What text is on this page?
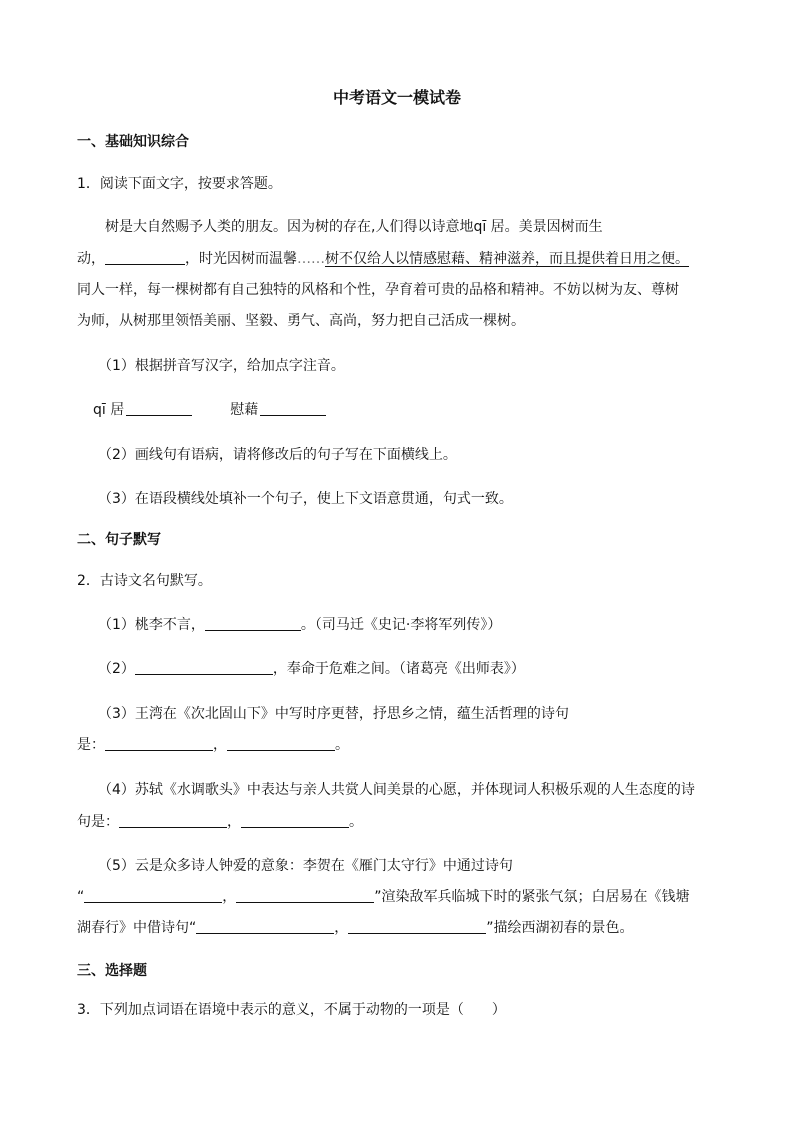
中考语文一模试卷
一、基础知识综合
1．阅读下面文字，按要求答题。
树是大自然赐予人类的朋友。因为树的存在,人们得以诗意地qī 居。美景因树而生
动，	，时光因树而温馨……树不仅给人以情感慰藉、精神滋养，而且提供着日用之便。
同人一样，每一棵树都有自己独特的风格和个性，孕育着可贵的品格和精神。不妨以树为友、尊树
为师，从树那里领悟美丽、坚毅、勇气、高尚，努力把自己活成一棵树。
（1）根据拼音写汉字，给加点字注音。
qī 居	慰藉
（2）画线句有语病，请将修改后的句子写在下面横线上。
（3）在语段横线处填补一个句子，使上下文语意贯通，句式一致。
二、句子默写
2．古诗文名句默写。
（1）桃李不言，	。（司马迁《史记·李将军列传》）
（2）	，奉命于危难之间。（诸葛亮《出师表》）
（3）王湾在《次北固山下》中写时序更替，抒思乡之情，蕴生活哲理的诗句
是：	，	。
（4）苏轼《水调歌头》中表达与亲人共赏人间美景的心愿，并体现词人积极乐观的人生态度的诗
句是：	，	。
（5）云是众多诗人钟爱的意象：李贺在《雁门太守行》中通过诗句
“	，	”渲染敌军兵临城下时的紧张气氛；白居易在《钱塘
湖春行》中借诗句“	，	”描绘西湖初春的景色。
三、选择题
3．下列加点词语在语境中表示的意义，不属于动物的一项是（　　）
